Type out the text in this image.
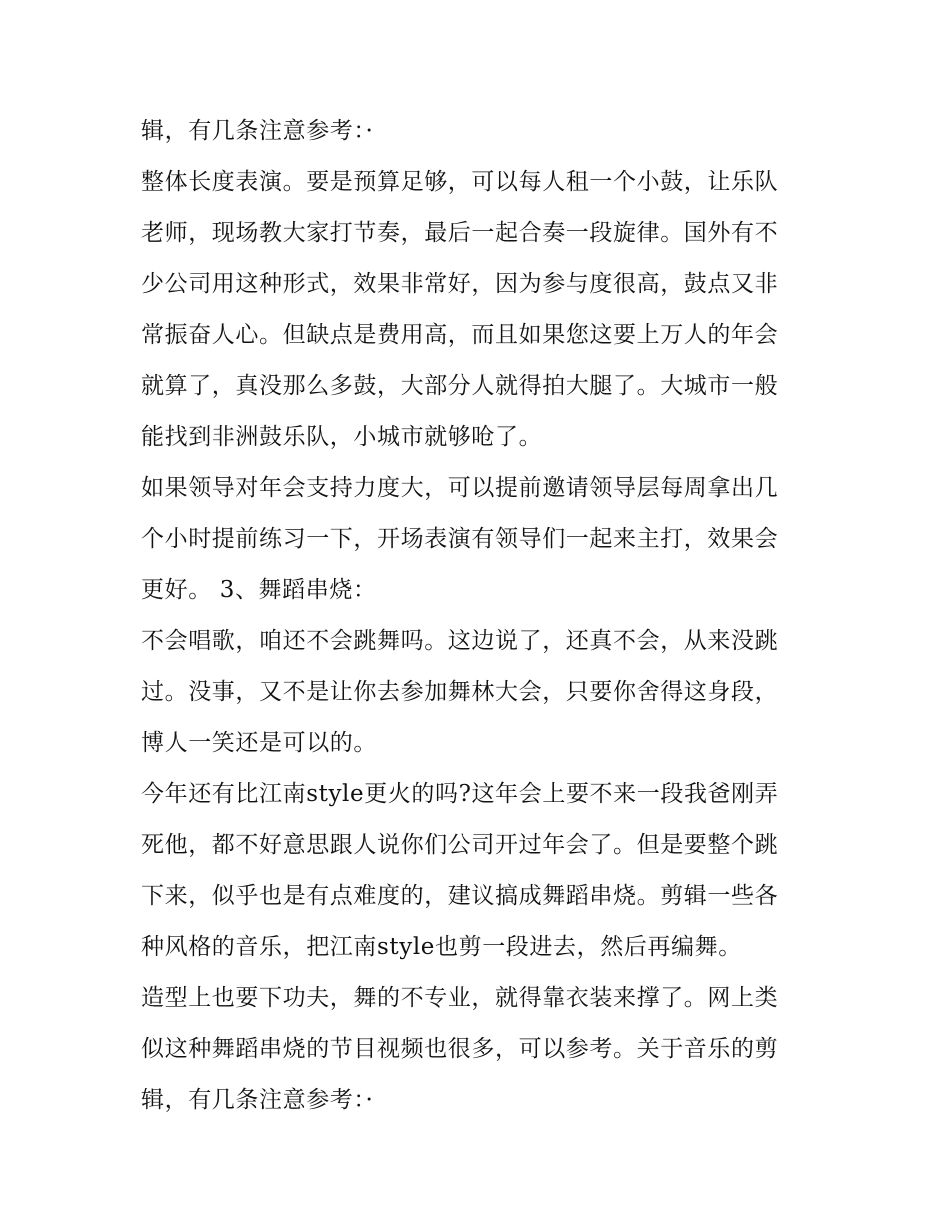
辑，有几条注意参考：·

整体长度表演。要是预算足够，可以每人租一个小鼓，让乐队

老师，现场教大家打节奏，最后一起合奏一段旋律。国外有不

少公司用这种形式，效果非常好，因为参与度很高，鼓点又非

常振奋人心。但缺点是费用高，而且如果您这要上万人的年会

就算了，真没那么多鼓，大部分人就得拍大腿了。大城市一般

能找到非洲鼓乐队，小城市就够呛了。

如果领导对年会支持力度大，可以提前邀请领导层每周拿出几

个小时提前练习一下，开场表演有领导们一起来主打，效果会

更好。 3、舞蹈串烧：

不会唱歌，咱还不会跳舞吗。这边说了，还真不会，从来没跳

过。没事，又不是让你去参加舞林大会，只要你舍得这身段，

博人一笑还是可以的。

今年还有比江南style更火的吗?这年会上要不来一段我爸刚弄

死他，都不好意思跟人说你们公司开过年会了。但是要整个跳

下来，似乎也是有点难度的，建议搞成舞蹈串烧。剪辑一些各

种风格的音乐，把江南style也剪一段进去，然后再编舞。

造型上也要下功夫，舞的不专业，就得靠衣装来撑了。网上类

似这种舞蹈串烧的节目视频也很多，可以参考。关于音乐的剪

辑，有几条注意参考：·
